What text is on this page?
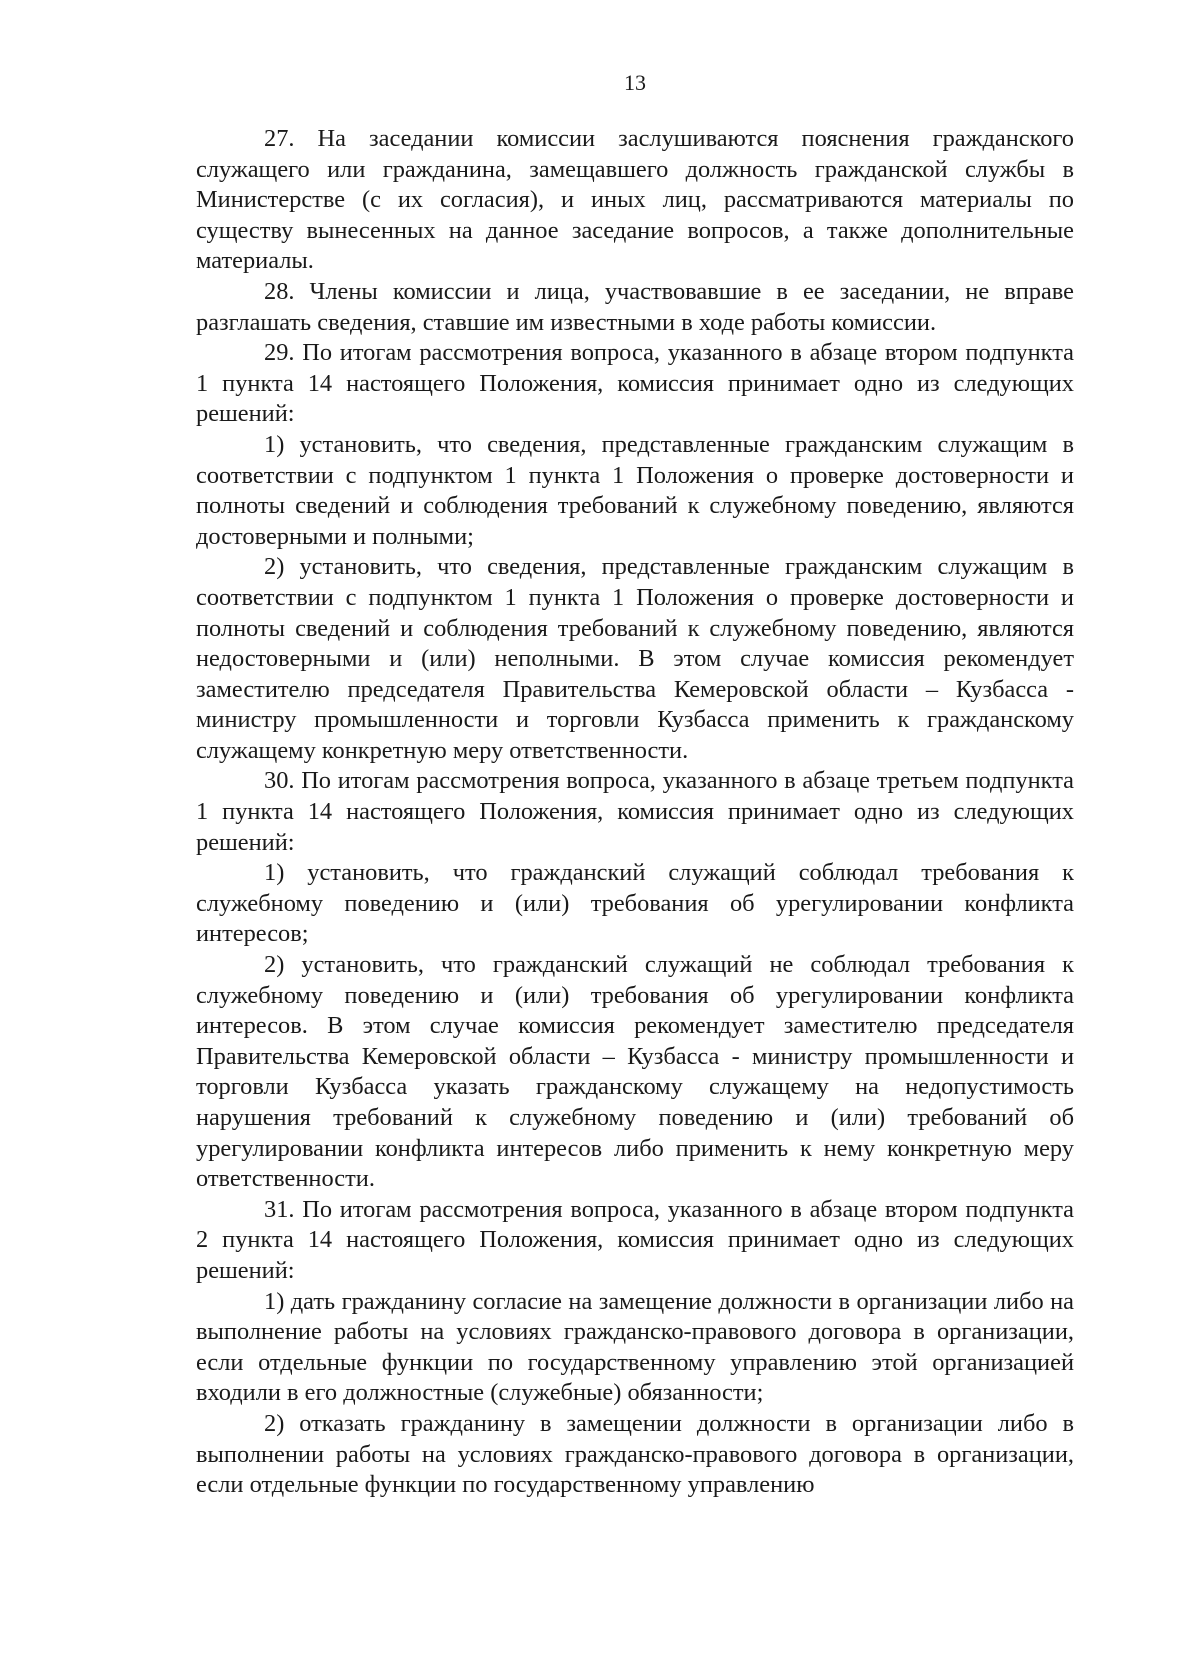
13

27. На заседании комиссии заслушиваются пояснения гражданского служащего или гражданина, замещавшего должность гражданской службы в Министерстве (с их согласия), и иных лиц, рассматриваются материалы по существу вынесенных на данное заседание вопросов, а также дополнительные материалы.

28. Члены комиссии и лица, участвовавшие в ее заседании, не вправе разглашать сведения, ставшие им известными в ходе работы комиссии.

29. По итогам рассмотрения вопроса, указанного в абзаце втором подпункта 1 пункта 14 настоящего Положения, комиссия принимает одно из следующих решений:

1) установить, что сведения, представленные гражданским служащим в соответствии с подпунктом 1 пункта 1 Положения о проверке достоверности и полноты сведений и соблюдения требований к служебному поведению, являются достоверными и полными;

2) установить, что сведения, представленные гражданским служащим в соответствии с подпунктом 1 пункта 1 Положения о проверке достоверности и полноты сведений и соблюдения требований к служебному поведению, являются недостоверными и (или) неполными. В этом случае комиссия рекомендует заместителю председателя Правительства Кемеровской области – Кузбасса - министру промышленности и торговли Кузбасса применить к гражданскому служащему конкретную меру ответственности.

30. По итогам рассмотрения вопроса, указанного в абзаце третьем подпункта 1 пункта 14 настоящего Положения, комиссия принимает одно из следующих решений:

1) установить, что гражданский служащий соблюдал требования к служебному поведению и (или) требования об урегулировании конфликта интересов;

2) установить, что гражданский служащий не соблюдал требования к служебному поведению и (или) требования об урегулировании конфликта интересов. В этом случае комиссия рекомендует заместителю председателя Правительства Кемеровской области – Кузбасса - министру промышленности и торговли Кузбасса указать гражданскому служащему на недопустимость нарушения требований к служебному поведению и (или) требований об урегулировании конфликта интересов либо применить к нему конкретную меру ответственности.

31. По итогам рассмотрения вопроса, указанного в абзаце втором подпункта 2 пункта 14 настоящего Положения, комиссия принимает одно из следующих решений:

1) дать гражданину согласие на замещение должности в организации либо на выполнение работы на условиях гражданско-правового договора в организации, если отдельные функции по государственному управлению этой организацией входили в его должностные (служебные) обязанности;

2) отказать гражданину в замещении должности в организации либо в выполнении работы на условиях гражданско-правового договора в организации, если отдельные функции по государственному управлению
